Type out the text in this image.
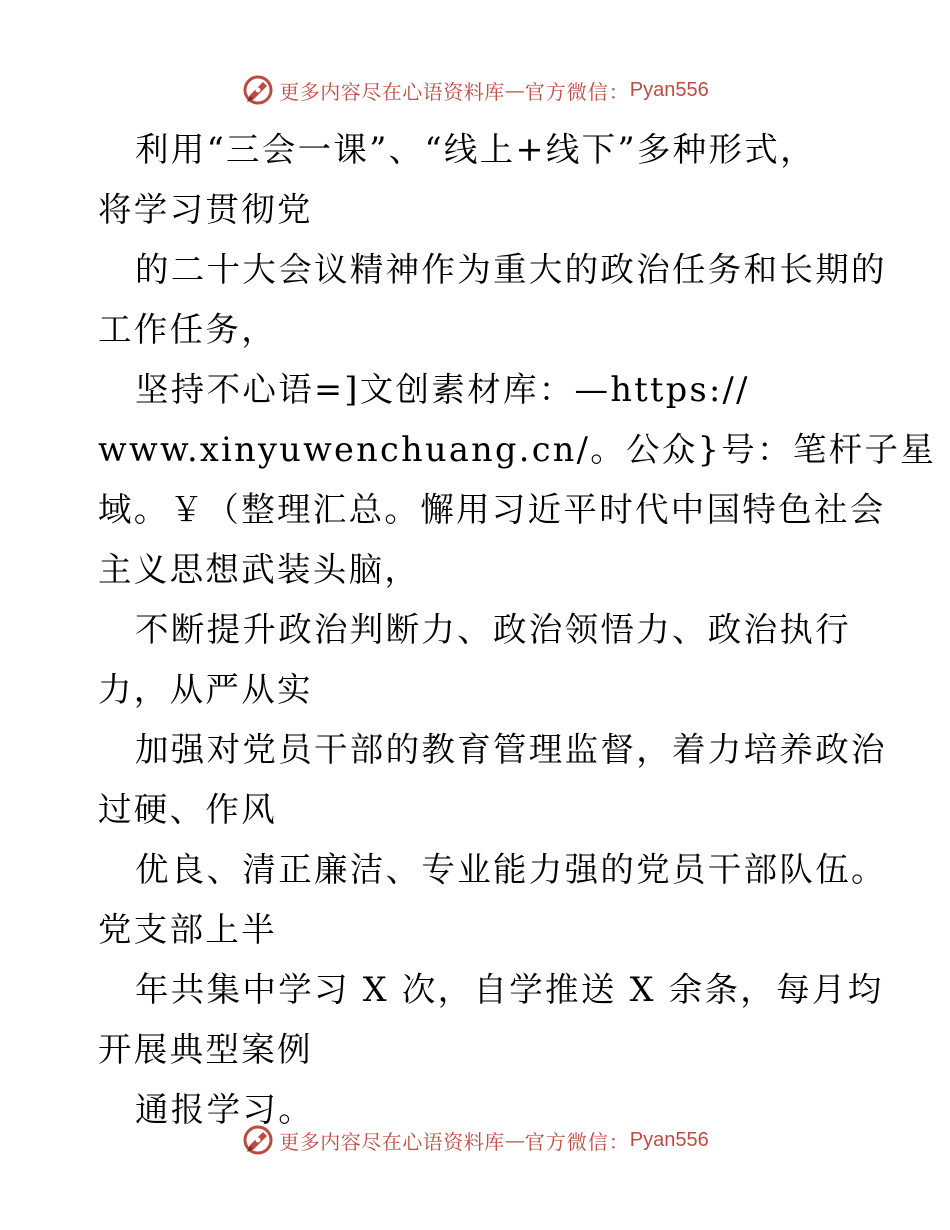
更多内容尽在心语资料库 — 官方微信： Pyan556
利用“三会一课”、“线上+线下”多种形式，
将学习贯彻党
的二十大会议精神作为重大的政治任务和长期的
工作任务，
坚持不心语=]文创素材库：—https://
www.xinyuwenchuang.cn/。公众}号：笔杆子星
域。￥（整理汇总。懈用习近平时代中国特色社会
主义思想武装头脑，
不断提升政治判断力、政治领悟力、政治执行
力，从严从实
加强对党员干部的教育管理监督，着力培养政治
过硬、作风
优良、清正廉洁、专业能力强的党员干部队伍。
党支部上半
年共集中学习 X 次，自学推送 X 余条，每月均
开展典型案例
通报学习。
更多内容尽在心语资料库 — 官方微信： Pyan556
